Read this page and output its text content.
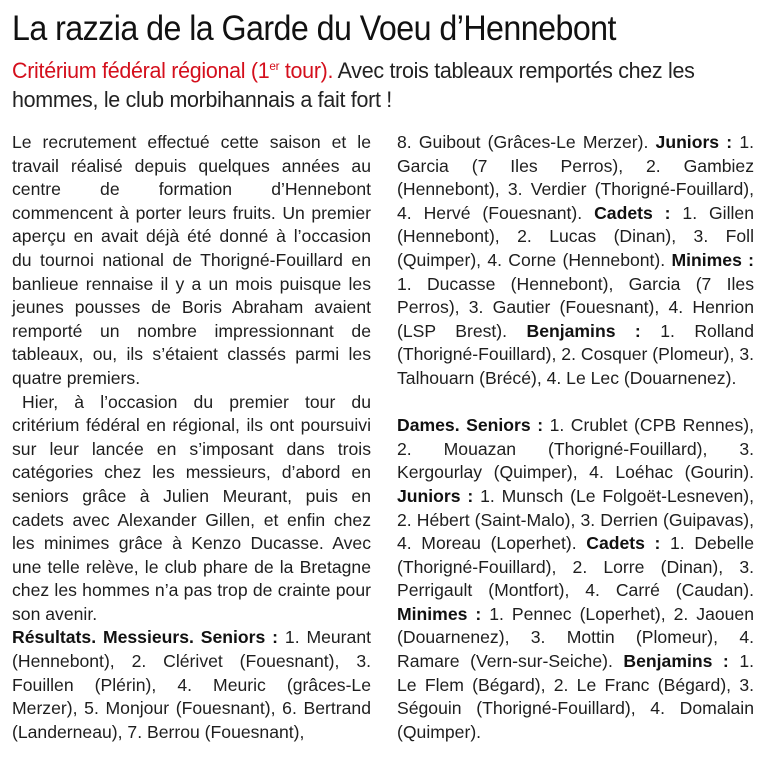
La razzia de la Garde du Voeu d’Hennebont

Critérium fédéral régional (1er tour). Avec trois tableaux remportés chez les hommes, le club morbihannais a fait fort !

Le recrutement effectué cette saison et le travail réalisé depuis quelques années au centre de formation d’Hennebont commencent à porter leurs fruits. Un premier aperçu en avait déjà été donné à l’occasion du tournoi national de Thorigné-Fouillard en banlieue rennaise il y a un mois puisque les jeunes pousses de Boris Abraham avaient remporté un nombre impressionnant de tableaux, ou, ils s’étaient classés parmi les quatre premiers.

Hier, à l’occasion du premier tour du critérium fédéral en régional, ils ont poursuivi sur leur lancée en s’imposant dans trois catégories chez les messieurs, d’abord en seniors grâce à Julien Meurant, puis en cadets avec Alexander Gillen, et enfin chez les minimes grâce à Kenzo Ducasse. Avec une telle relève, le club phare de la Bretagne chez les hommes n’a pas trop de crainte pour son avenir.

Résultats. Messieurs. Seniors : 1. Meurant (Hennebont), 2. Clérivet (Fouesnant), 3. Fouillen (Plérin), 4. Meuric (grâces-Le Merzer), 5. Monjour (Fouesnant), 6. Bertrand (Landerneau), 7. Berrou (Fouesnant),

8. Guibout (Grâces-Le Merzer). Juniors : 1. Garcia (7 Iles Perros), 2. Gambiez (Hennebont), 3. Verdier (Thorigné-Fouillard), 4. Hervé (Fouesnant). Cadets : 1. Gillen (Hennebont), 2. Lucas (Dinan), 3. Foll (Quimper), 4. Corne (Hennebont). Minimes : 1. Ducasse (Hennebont), Garcia (7 Iles Perros), 3. Gautier (Fouesnant), 4. Henrion (LSP Brest). Benjamins : 1. Rolland (Thorigné-Fouillard), 2. Cosquer (Plomeur), 3. Talhouarn (Brécé), 4. Le Lec (Douarnenez).

Dames. Seniors : 1. Crublet (CPB Rennes), 2. Mouazan (Thorigné-Fouillard), 3. Kergourlay (Quimper), 4. Loéhac (Gourin). Juniors : 1. Munsch (Le Folgoët-Lesneven), 2. Hébert (Saint-Malo), 3. Derrien (Guipavas), 4. Moreau (Loperhet). Cadets : 1. Debelle (Thorigné-Fouillard), 2. Lorre (Dinan), 3. Perrigault (Montfort), 4. Carré (Caudan). Minimes : 1. Pennec (Loperhet), 2. Jaouen (Douarnenez), 3. Mottin (Plomeur), 4. Ramare (Vern-sur-Seiche). Benjamins : 1. Le Flem (Bégard), 2. Le Franc (Bégard), 3. Ségouin (Thorigné-Fouillard), 4. Domalain (Quimper).
